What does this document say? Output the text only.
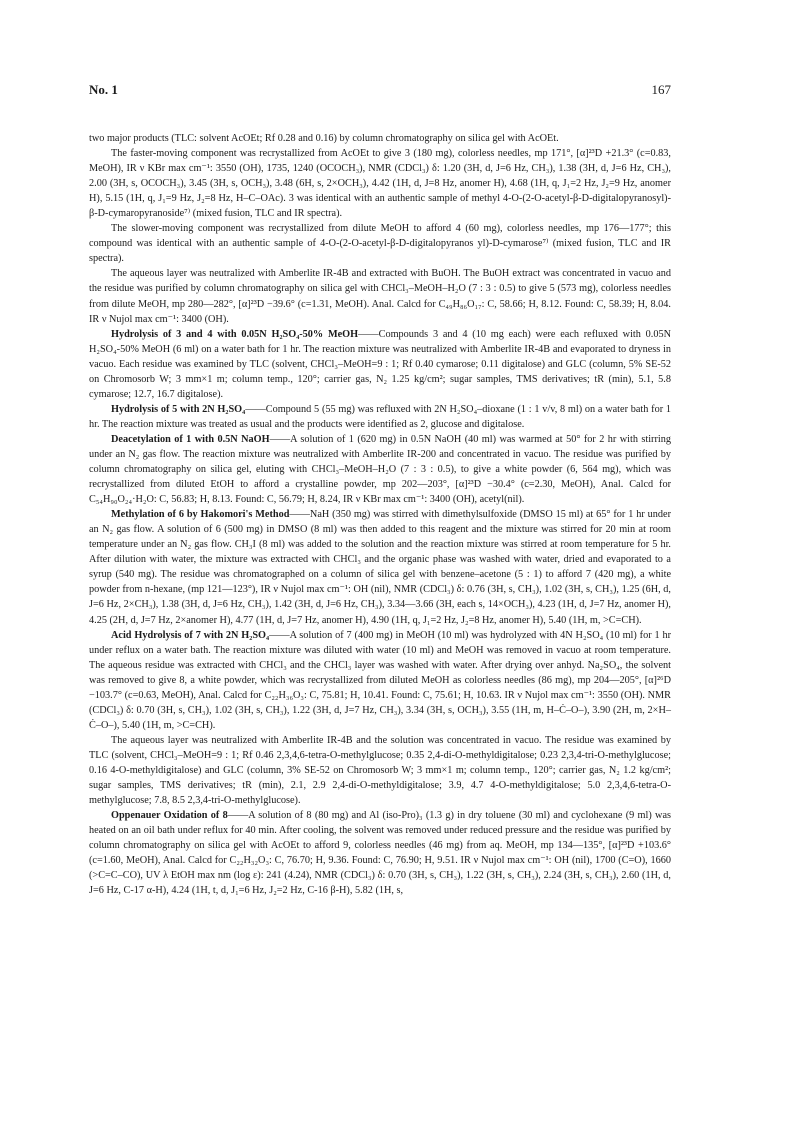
No. 1	167

two major products (TLC: solvent AcOEt; Rf 0.28 and 0.16) by column chromatography on silica gel with AcOEt.

The faster-moving component was recrystallized from AcOEt to give 3 (180 mg), colorless needles, mp 171°, [α]²³D +21.3° (c=0.83, MeOH), IR ν KBr max cm⁻¹: 3550 (OH), 1735, 1240 (OCOCH₃), NMR (CDCl₃) δ: 1.20 (3H, d, J=6 Hz, CH₃), 1.38 (3H, d, J=6 Hz, CH₃), 2.00 (3H, s, OCOCH₃), 3.45 (3H, s, OCH₃), 3.48 (6H, s, 2×OCH₃), 4.42 (1H, d, J=8 Hz, anomer H), 4.68 (1H, q, J₁=2 Hz, J₂=9 Hz, anomer H), 5.15 (1H, q, J₁=9 Hz, J₂=8 Hz, H–C–OAc). 3 was identical with an authentic sample of methyl 4-O-(2-O-acetyl-β-D-digitalopyranosyl)-β-D-cymaropyranoside⁷⁾ (mixed fusion, TLC and IR spectra).

The slower-moving component was recrystallized from dilute MeOH to afford 4 (60 mg), colorless needles, mp 176—177°; this compound was identical with an authentic sample of 4-O-(2-O-acetyl-β-D-digitalopyranos yl)-D-cymarose⁷⁾ (mixed fusion, TLC and IR spectra).

The aqueous layer was neutralized with Amberlite IR-4B and extracted with BuOH. The BuOH extract was concentrated in vacuo and the residue was purified by column chromatography on silica gel with CHCl₃–MeOH–H₂O (7 : 3 : 0.5) to give 5 (573 mg), colorless needles from dilute MeOH, mp 280—282°, [α]²³D −39.6° (c=1.31, MeOH). Anal. Calcd for C₄₉H₈₆O₁₇: C, 58.66; H, 8.12. Found: C, 58.39; H, 8.04. IR ν Nujol max cm⁻¹: 3400 (OH).

Hydrolysis of 3 and 4 with 0.05N H₂SO₄-50% MeOH——Compounds 3 and 4 (10 mg each) were each refluxed with 0.05N H₂SO₄-50% MeOH (6 ml) on a water bath for 1 hr. The reaction mixture was neutralized with Amberlite IR-4B and evaporated to dryness in vacuo. Each residue was examined by TLC (solvent, CHCl₃–MeOH=9 : 1; Rf 0.40 cymarose; 0.11 digitalose) and GLC (column, 5% SE-52 on Chromosorb W; 3 mm×1 m; column temp., 120°; carrier gas, N₂ 1.25 kg/cm²; sugar samples, TMS derivatives; tR (min), 5.1, 5.8 cymarose; 12.7, 16.7 digitalose).

Hydrolysis of 5 with 2N H₂SO₄——Compound 5 (55 mg) was refluxed with 2N H₂SO₄–dioxane (1 : 1 v/v, 8 ml) on a water bath for 1 hr. The reaction mixture was treated as usual and the products were identified as 2, glucose and digitalose.

Deacetylation of 1 with 0.5N NaOH——A solution of 1 (620 mg) in 0.5N NaOH (40 ml) was warmed at 50° for 2 hr with stirring under an N₂ gas flow. The reaction mixture was neutralized with Amberlite IR-200 and concentrated in vacuo. The residue was purified by column chromatography on silica gel, eluting with CHCl₃–MeOH–H₂O (7 : 3 : 0.5), to give a white powder (6, 564 mg), which was recrystallized from diluted EtOH to afford a crystalline powder, mp 202—203°, [α]²³D −30.4° (c=2.30, MeOH), Anal. Calcd for C₅₄H₉₀O₂₄·H₂O: C, 56.83; H, 8.13. Found: C, 56.79; H, 8.24, IR ν KBr max cm⁻¹: 3400 (OH), acetyl(nil).

Methylation of 6 by Hakomori's Method——NaH (350 mg) was stirred with dimethylsulfoxide (DMSO 15 ml) at 65° for 1 hr under an N₂ gas flow. A solution of 6 (500 mg) in DMSO (8 ml) was then added to this reagent and the mixture was stirred for 20 min at room temperature under an N₂ gas flow. CH₃I (8 ml) was added to the solution and the reaction mixture was stirred at room temperature for 5 hr. After dilution with water, the mixture was extracted with CHCl₃ and the organic phase was washed with water, dried and evaporated to a syrup (540 mg). The residue was chromatographed on a column of silica gel with benzene–acetone (5 : 1) to afford 7 (420 mg), a white powder from n-hexane, (mp 121—123°), IR ν Nujol max cm⁻¹: OH (nil), NMR (CDCl₃) δ: 0.76 (3H, s, CH₃), 1.02 (3H, s, CH₃), 1.25 (6H, d, J=6 Hz, 2×CH₃), 1.38 (3H, d, J=6 Hz, CH₃), 1.42 (3H, d, J=6 Hz, CH₃), 3.34—3.66 (3H, each s, 14×OCH₃), 4.23 (1H, d, J=7 Hz, anomer H), 4.25 (2H, d, J=7 Hz, 2×anomer H), 4.77 (1H, d, J=7 Hz, anomer H), 4.90 (1H, q, J₁=2 Hz, J₂=8 Hz, anomer H), 5.40 (1H, m, >C=CH).

Acid Hydrolysis of 7 with 2N H₂SO₄——A solution of 7 (400 mg) in MeOH (10 ml) was hydrolyzed with 4N H₂SO₄ (10 ml) for 1 hr under reflux on a water bath. The reaction mixture was diluted with water (10 ml) and MeOH was removed in vacuo at room temperature. The aqueous residue was extracted with CHCl₃ and the CHCl₃ layer was washed with water. After drying over anhyd. Na₂SO₄, the solvent was removed to give 8, a white powder, which was recrystallized from diluted MeOH as colorless needles (86 mg), mp 204—205°, [α]²⁶D −103.7° (c=0.63, MeOH), Anal. Calcd for C₂₂H₃₆O₃: C, 75.81; H, 10.41. Found: C, 75.61; H, 10.63. IR ν Nujol max cm⁻¹: 3550 (OH). NMR (CDCl₃) δ: 0.70 (3H, s, CH₃), 1.02 (3H, s, CH₃), 1.22 (3H, d, J=7 Hz, CH₃), 3.34 (3H, s, OCH₃), 3.55 (1H, m, H–Ċ–O–), 3.90 (2H, m, 2×H–Ċ–O–), 5.40 (1H, m, >C=CH).

The aqueous layer was neutralized with Amberlite IR-4B and the solution was concentrated in vacuo. The residue was examined by TLC (solvent, CHCl₃–MeOH=9 : 1; Rf 0.46 2,3,4,6-tetra-O-methylglucose; 0.35 2,4-di-O-methyldigitalose; 0.23 2,3,4-tri-O-methylglucose; 0.16 4-O-methyldigitalose) and GLC (column, 3% SE-52 on Chromosorb W; 3 mm×1 m; column temp., 120°; carrier gas, N₂ 1.2 kg/cm²; sugar samples, TMS derivatives; tR (min), 2.1, 2.9 2,4-di-O-methyldigitalose; 3.9, 4.7 4-O-methyldigitalose; 5.0 2,3,4,6-tetra-O-methylglucose; 7.8, 8.5 2,3,4-tri-O-methylglucose).

Oppenauer Oxidation of 8——A solution of 8 (80 mg) and Al (iso-Pro)₃ (1.3 g) in dry toluene (30 ml) and cyclohexane (9 ml) was heated on an oil bath under reflux for 40 min. After cooling, the solvent was removed under reduced pressure and the residue was purified by column chromatography on silica gel with AcOEt to afford 9, colorless needles (46 mg) from aq. MeOH, mp 134—135°, [α]²³D +103.6° (c=1.60, MeOH), Anal. Calcd for C₂₂H₃₂O₃: C, 76.70; H, 9.36. Found: C, 76.90; H, 9.51. IR ν Nujol max cm⁻¹: OH (nil), 1700 (C=O), 1660 (>C=C–CO), UV λ EtOH max nm (log ε): 241 (4.24), NMR (CDCl₃) δ: 0.70 (3H, s, CH₃), 1.22 (3H, s, CH₃), 2.24 (3H, s, CH₃), 2.60 (1H, d, J=6 Hz, C-17 α-H), 4.24 (1H, t, d, J₁=6 Hz, J₂=2 Hz, C-16 β-H), 5.82 (1H, s,
